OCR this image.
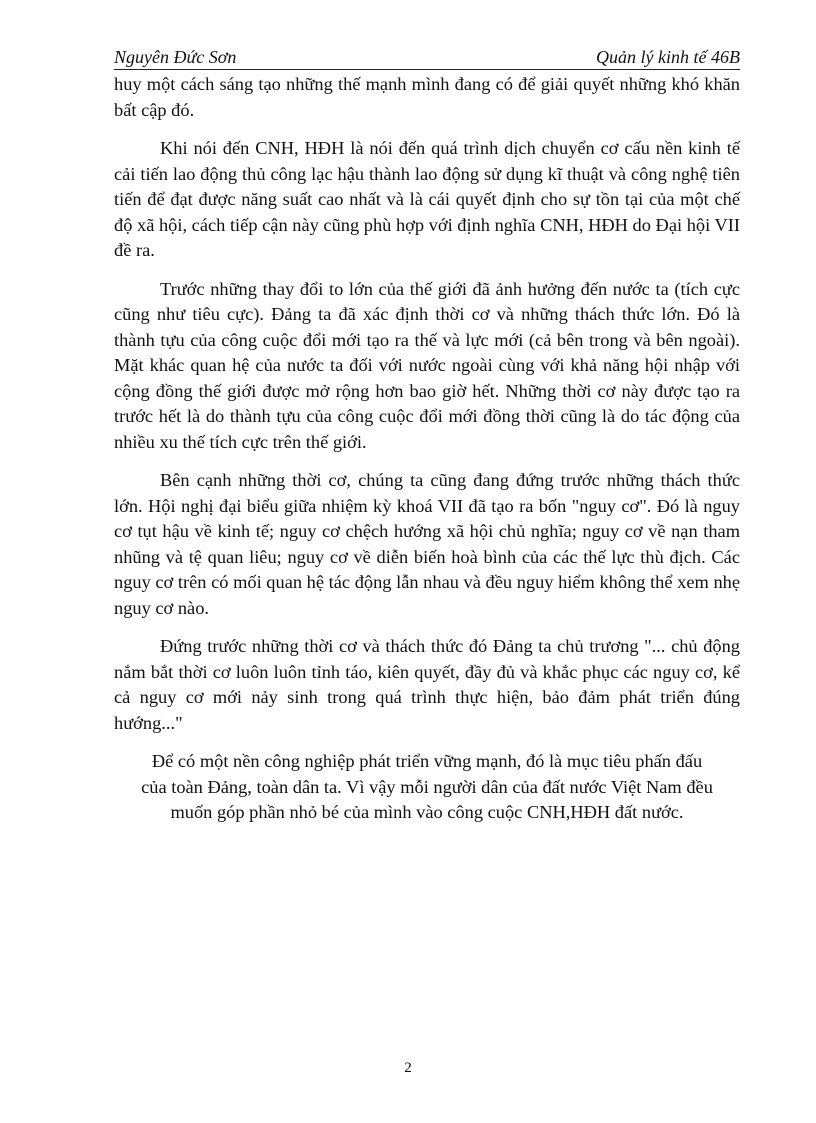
Nguyên Đức Sơn	Quản lý kinh tế 46B

huy một cách sáng tạo những thế mạnh mình đang có để giải quyết những khó khăn bất cập đó.

Khi nói đến CNH, HĐH là nói đến quá trình dịch chuyển cơ cấu nền kinh tế cải tiến lao động thủ công lạc hậu thành lao động sử dụng kĩ thuật và công nghệ tiên tiến để đạt được năng suất cao nhất và là cái quyết định cho sự tồn tại của một chế độ xã hội, cách tiếp cận này cũng phù hợp với định nghĩa CNH, HĐH do Đại hội VII đề ra.

Trước những thay đổi to lớn của thế giới đã ảnh hưởng đến nước ta (tích cực cũng như tiêu cực). Đảng ta đã xác định thời cơ và những thách thức lớn. Đó là thành tựu của công cuộc đổi mới tạo ra thế và lực mới (cả bên trong và bên ngoài). Mặt khác quan hệ của nước ta đối với nước ngoài cùng với khả năng hội nhập với cộng đồng thế giới được mở rộng hơn bao giờ hết. Những thời cơ này được tạo ra trước hết là do thành tựu của công cuộc đổi mới đồng thời cũng là do tác động của nhiều xu thế tích cực trên thế giới.

Bên cạnh những thời cơ, chúng ta cũng đang đứng trước những thách thức lớn. Hội nghị đại biểu giữa nhiệm kỳ khoá VII đã tạo ra bốn "nguy cơ". Đó là nguy cơ tụt hậu về kinh tế; nguy cơ chệch hướng xã hội chủ nghĩa; nguy cơ về nạn tham nhũng và tệ quan liêu; nguy cơ về diễn biến hoà bình của các thế lực thù địch. Các nguy cơ trên có mối quan hệ tác động lẫn nhau và đều nguy hiểm không thể xem nhẹ nguy cơ nào.

Đứng trước những thời cơ và thách thức đó Đảng ta chủ trương "... chủ động nắm bắt thời cơ luôn luôn tỉnh táo, kiên quyết, đầy đủ và khắc phục các nguy cơ, kể cả nguy cơ mới nảy sinh trong quá trình thực hiện, bảo đảm phát triển đúng hướng..."

Để có một nền công nghiệp phát triển vững mạnh, đó là mục tiêu phấn đấu
của toàn Đảng, toàn dân ta. Vì vậy mỗi người dân của đất nước Việt Nam đều
muốn góp phần nhỏ bé của mình vào công cuộc CNH,HĐH đất nước.

2
